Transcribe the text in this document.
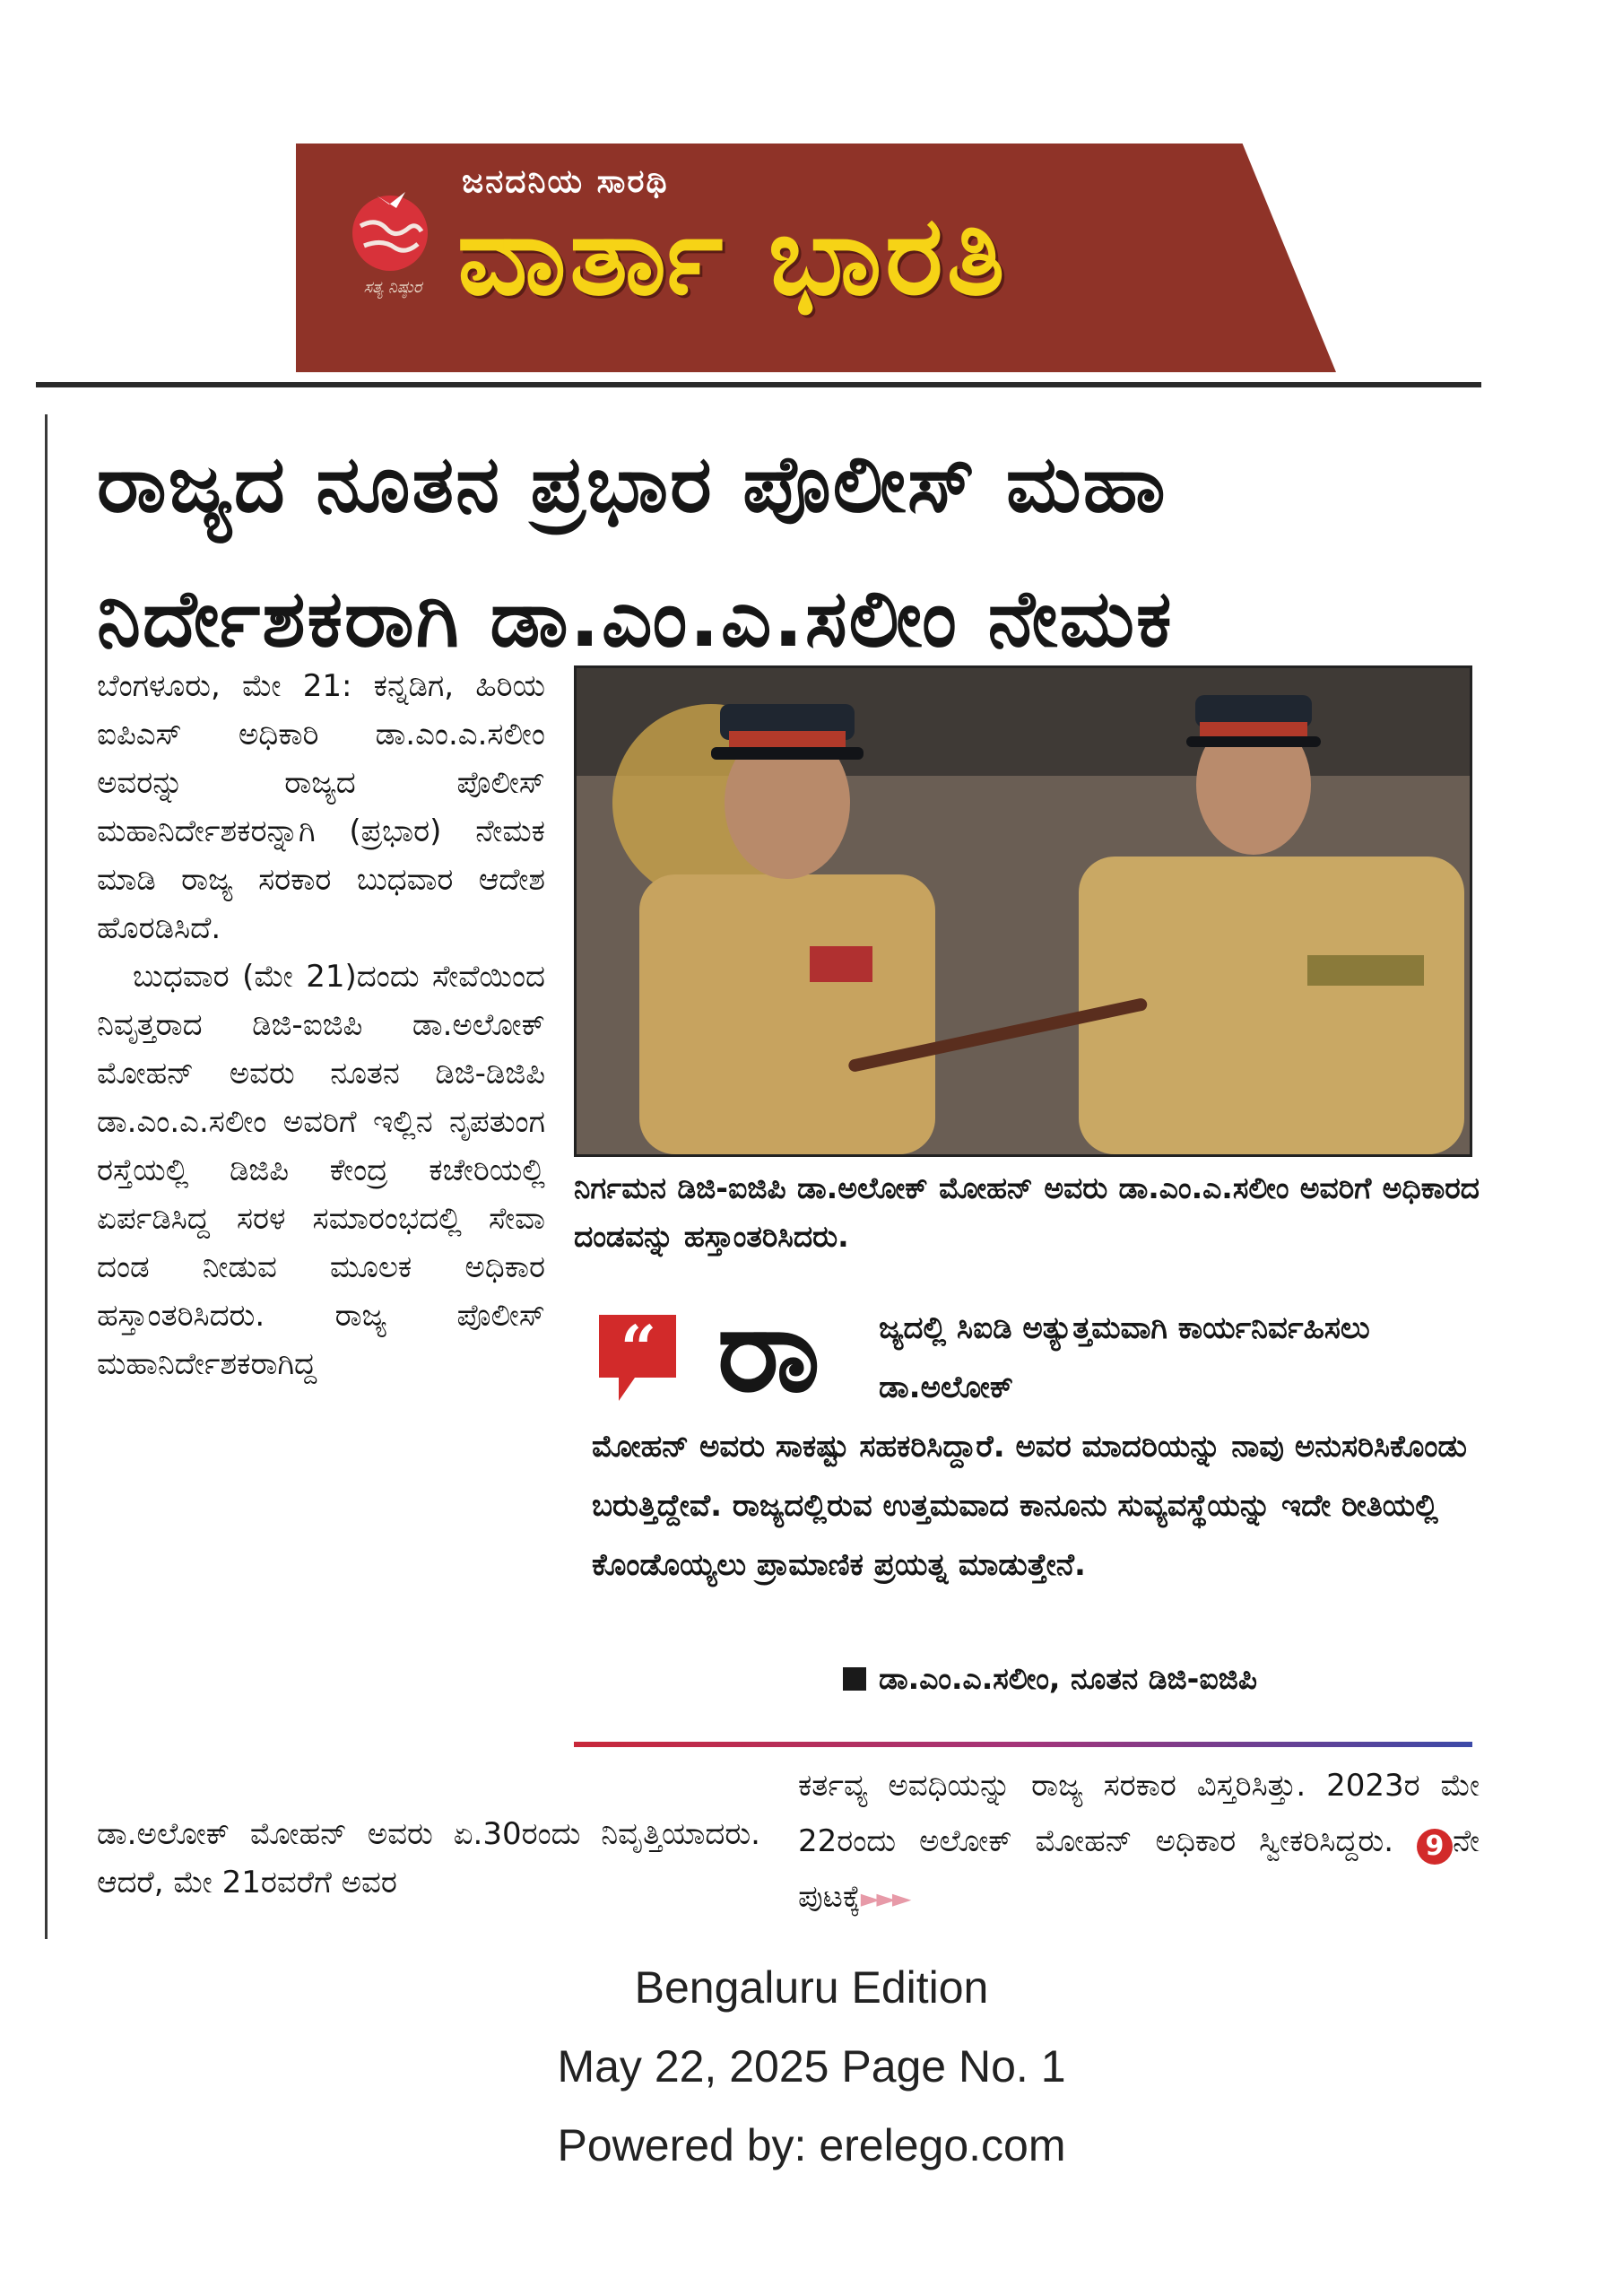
ಸತ್ಯ ನಿಷ್ಠುರ
ಜನದನಿಯ ಸಾರಥಿ
ವಾರ್ತಾ ಭಾರತಿ
ರಾಜ್ಯದ ನೂತನ ಪ್ರಭಾರ ಪೊಲೀಸ್ ಮಹಾ ನಿರ್ದೇಶಕರಾಗಿ ಡಾ.ಎಂ.ಎ.ಸಲೀಂ ನೇಮಕ

ಬೆಂಗಳೂರು, ಮೇ 21: ಕನ್ನಡಿಗ, ಹಿರಿಯ ಐಪಿಎಸ್ ಅಧಿಕಾರಿ ಡಾ.ಎಂ.ಎ.ಸಲೀಂ ಅವರನ್ನು ರಾಜ್ಯದ ಪೊಲೀಸ್ ಮಹಾನಿರ್ದೇಶಕರನ್ನಾಗಿ (ಪ್ರಭಾರ) ನೇಮಕ ಮಾಡಿ ರಾಜ್ಯ ಸರಕಾರ ಬುಧವಾರ ಆದೇಶ ಹೊರಡಿಸಿದೆ.

ಬುಧವಾರ (ಮೇ 21)ದಂದು ಸೇವೆಯಿಂದ ನಿವೃತ್ತರಾದ ಡಿಜಿ-ಐಜಿಪಿ ಡಾ.ಅಲೋಕ್ ಮೋಹನ್ ಅವರು ನೂತನ ಡಿಜಿ-ಡಿಜಿಪಿ ಡಾ.ಎಂ.ಎ.ಸಲೀಂ ಅವರಿಗೆ ಇಲ್ಲಿನ ನೃಪತುಂಗ ರಸ್ತೆಯಲ್ಲಿ ಡಿಜಿಪಿ ಕೇಂದ್ರ ಕಚೇರಿಯಲ್ಲಿ ಏರ್ಪಡಿಸಿದ್ದ ಸರಳ ಸಮಾರಂಭದಲ್ಲಿ ಸೇವಾ ದಂಡ ನೀಡುವ ಮೂಲಕ ಅಧಿಕಾರ ಹಸ್ತಾಂತರಿಸಿದರು. ರಾಜ್ಯ ಪೊಲೀಸ್ ಮಹಾನಿರ್ದೇಶಕರಾಗಿದ್ದ

ಡಾ.ಅಲೋಕ್ ಮೋಹನ್ ಅವರು ಏ.30ರಂದು ನಿವೃತ್ತಿಯಾದರು. ಆದರೆ, ಮೇ 21ರವರೆಗೆ ಅವರ
ನಿರ್ಗಮನ ಡಿಜಿ-ಐಜಿಪಿ ಡಾ.ಅಲೋಕ್ ಮೋಹನ್ ಅವರು ಡಾ.ಎಂ.ಎ.ಸಲೀಂ ಅವರಿಗೆ ಅಧಿಕಾರದ ದಂಡವನ್ನು ಹಸ್ತಾಂತರಿಸಿದರು.
“ ರಾ	ಜ್ಯದಲ್ಲಿ ಸಿಐಡಿ ಅತ್ಯುತ್ತಮವಾಗಿ ಕಾರ್ಯನಿರ್ವಹಿಸಲು ಡಾ.ಅಲೋಕ್
ಮೋಹನ್ ಅವರು ಸಾಕಷ್ಟು ಸಹಕರಿಸಿದ್ದಾರೆ. ಅವರ ಮಾದರಿಯನ್ನು ನಾವು ಅನುಸರಿಸಿಕೊಂಡು ಬರುತ್ತಿದ್ದೇವೆ. ರಾಜ್ಯದಲ್ಲಿರುವ ಉತ್ತಮವಾದ ಕಾನೂನು ಸುವ್ಯವಸ್ಥೆಯನ್ನು ಇದೇ ರೀತಿಯಲ್ಲಿ ಕೊಂಡೊಯ್ಯಲು ಪ್ರಾಮಾಣಿಕ ಪ್ರಯತ್ನ ಮಾಡುತ್ತೇನೆ.
ಡಾ.ಎಂ.ಎ.ಸಲೀಂ, ನೂತನ ಡಿಜಿ-ಐಜಿಪಿ
ಕರ್ತವ್ಯ ಅವಧಿಯನ್ನು ರಾಜ್ಯ ಸರಕಾರ ವಿಸ್ತರಿಸಿತ್ತು. 2023ರ ಮೇ 22ರಂದು ಅಲೋಕ್ ಮೋಹನ್ ಅಧಿಕಾರ ಸ್ವೀಕರಿಸಿದ್ದರು. 9 ನೇ ಪುಟಕ್ಕೆ►►►
Bengaluru Edition
May 22, 2025 Page No. 1
Powered by: erelego.com
